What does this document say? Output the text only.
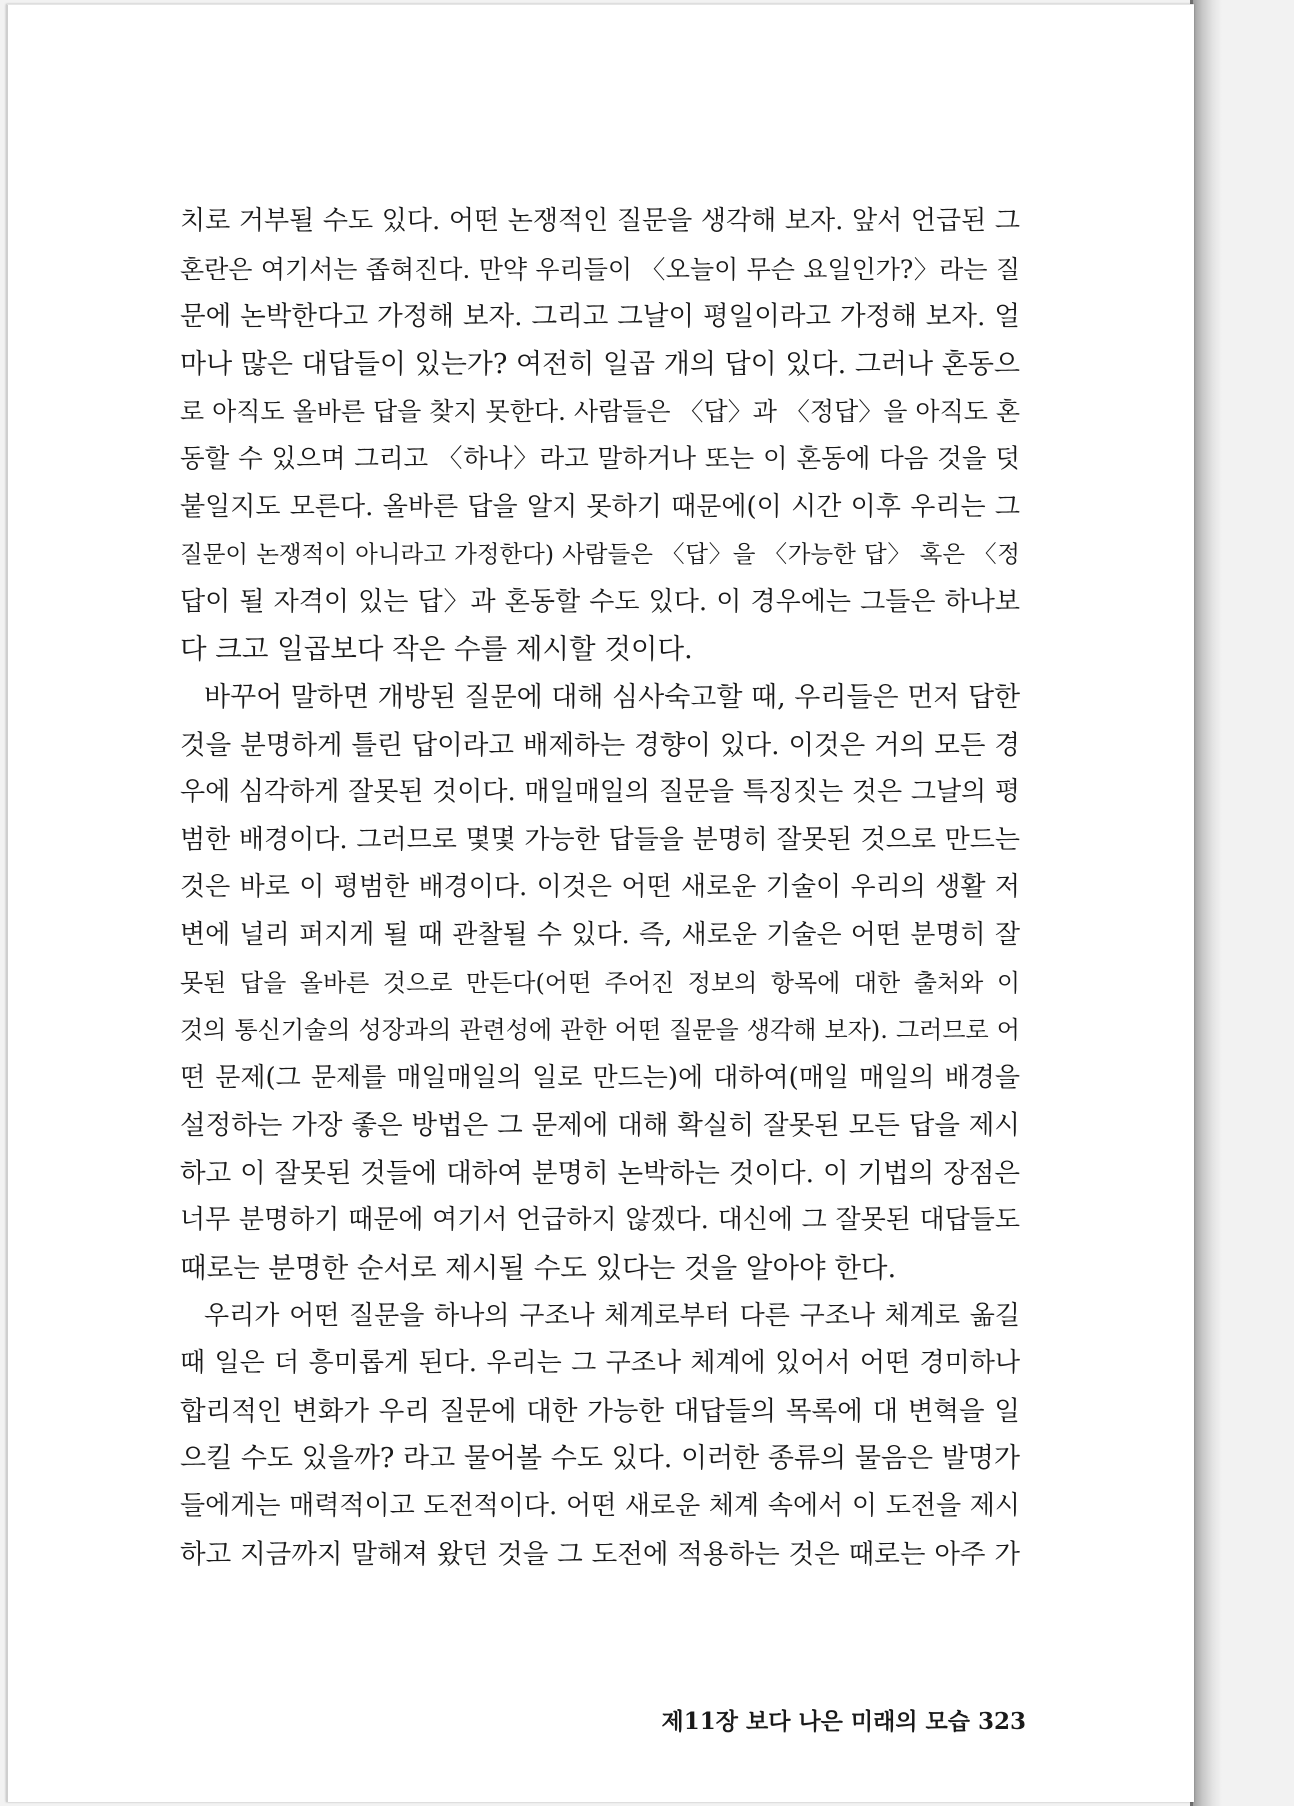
치로 거부될 수도 있다. 어떤 논쟁적인 질문을 생각해 보자. 앞서 언급된 그
혼란은 여기서는 좁혀진다. 만약 우리들이 〈오늘이 무슨 요일인가?〉라는 질
문에 논박한다고 가정해 보자. 그리고 그날이 평일이라고 가정해 보자. 얼
마나 많은 대답들이 있는가? 여전히 일곱 개의 답이 있다. 그러나 혼동으
로 아직도 올바른 답을 찾지 못한다. 사람들은 〈답〉과 〈정답〉을 아직도 혼
동할 수 있으며 그리고 〈하나〉라고 말하거나 또는 이 혼동에 다음 것을 덧
붙일지도 모른다. 올바른 답을 알지 못하기 때문에(이 시간 이후 우리는 그
질문이 논쟁적이 아니라고 가정한다) 사람들은 〈답〉을 〈가능한 답〉 혹은 〈정
답이 될 자격이 있는 답〉과 혼동할 수도 있다. 이 경우에는 그들은 하나보
다 크고 일곱보다 작은 수를 제시할 것이다.
바꾸어 말하면 개방된 질문에 대해 심사숙고할 때, 우리들은 먼저 답한
것을 분명하게 틀린 답이라고 배제하는 경향이 있다. 이것은 거의 모든 경
우에 심각하게 잘못된 것이다. 매일매일의 질문을 특징짓는 것은 그날의 평
범한 배경이다. 그러므로 몇몇 가능한 답들을 분명히 잘못된 것으로 만드는
것은 바로 이 평범한 배경이다. 이것은 어떤 새로운 기술이 우리의 생활 저
변에 널리 퍼지게 될 때 관찰될 수 있다. 즉, 새로운 기술은 어떤 분명히 잘
못된 답을 올바른 것으로 만든다(어떤 주어진 정보의 항목에 대한 출처와 이
것의 통신기술의 성장과의 관련성에 관한 어떤 질문을 생각해 보자). 그러므로 어
떤 문제(그 문제를 매일매일의 일로 만드는)에 대하여(매일 매일의 배경을
설정하는 가장 좋은 방법은 그 문제에 대해 확실히 잘못된 모든 답을 제시
하고 이 잘못된 것들에 대하여 분명히 논박하는 것이다. 이 기법의 장점은
너무 분명하기 때문에 여기서 언급하지 않겠다. 대신에 그 잘못된 대답들도
때로는 분명한 순서로 제시될 수도 있다는 것을 알아야 한다.
우리가 어떤 질문을 하나의 구조나 체계로부터 다른 구조나 체계로 옮길
때 일은 더 흥미롭게 된다. 우리는 그 구조나 체계에 있어서 어떤 경미하나
합리적인 변화가 우리 질문에 대한 가능한 대답들의 목록에 대 변혁을 일
으킬 수도 있을까? 라고 물어볼 수도 있다. 이러한 종류의 물음은 발명가
들에게는 매력적이고 도전적이다. 어떤 새로운 체계 속에서 이 도전을 제시
하고 지금까지 말해져 왔던 것을 그 도전에 적용하는 것은 때로는 아주 가
제11장 보다 나은 미래의 모습 323
